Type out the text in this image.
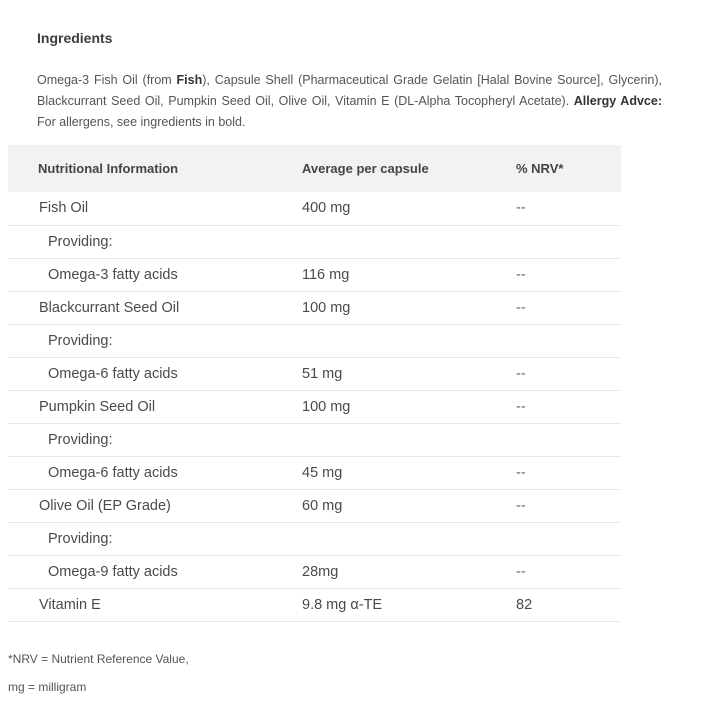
Ingredients
Omega-3 Fish Oil (from Fish), Capsule Shell (Pharmaceutical Grade Gelatin [Halal Bovine Source], Glycerin), Blackcurrant Seed Oil, Pumpkin Seed Oil, Olive Oil, Vitamin E (DL-Alpha Tocopheryl Acetate). Allergy Advce: For allergens, see ingredients in bold.
Nutritional Information	Average per capsule	% NRV*
Fish Oil	400 mg	--
Providing:		
Omega-3 fatty acids	116 mg	--
Blackcurrant Seed Oil	100 mg	--
Providing:		
Omega-6 fatty acids	51 mg	--
Pumpkin Seed Oil	100 mg	--
Providing:		
Omega-6 fatty acids	45 mg	--
Olive Oil (EP Grade)	60 mg	--
Providing:		
Omega-9 fatty acids	28mg	--
Vitamin E	9.8 mg α-TE	82
*NRV = Nutrient Reference Value,
mg = milligram
